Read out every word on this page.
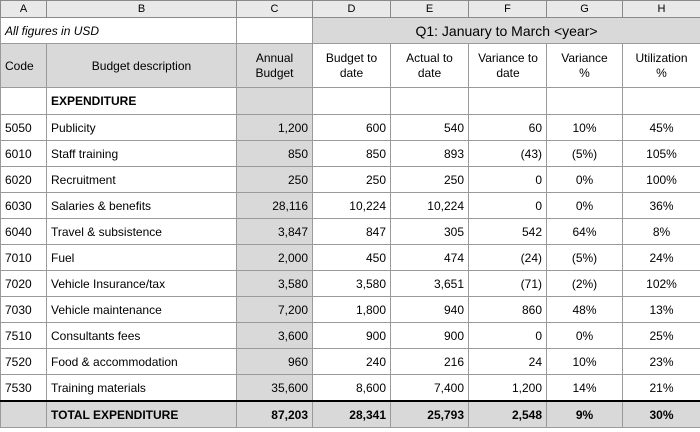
A	B	C	D	E	F	G	H
All figures in USD			Q1: January to March <year>				
Code	Budget description	Annual Budget	Budget to date	Actual to date	Variance to date	Variance %	Utilization %

	EXPENDITURE						
5050	Publicity	1,200	600	540	60	10%	45%
6010	Staff training	850	850	893	(43)	(5%)	105%
6020	Recruitment	250	250	250	0	0%	100%
6030	Salaries & benefits	28,116	10,224	10,224	0	0%	36%
6040	Travel & subsistence	3,847	847	305	542	64%	8%
7010	Fuel	2,000	450	474	(24)	(5%)	24%
7020	Vehicle Insurance/tax	3,580	3,580	3,651	(71)	(2%)	102%
7030	Vehicle maintenance	7,200	1,800	940	860	48%	13%
7510	Consultants fees	3,600	900	900	0	0%	25%
7520	Food & accommodation	960	240	216	24	10%	23%
7530	Training materials	35,600	8,600	7,400	1,200	14%	21%
	TOTAL EXPENDITURE	87,203	28,341	25,793	2,548	9%	30%
